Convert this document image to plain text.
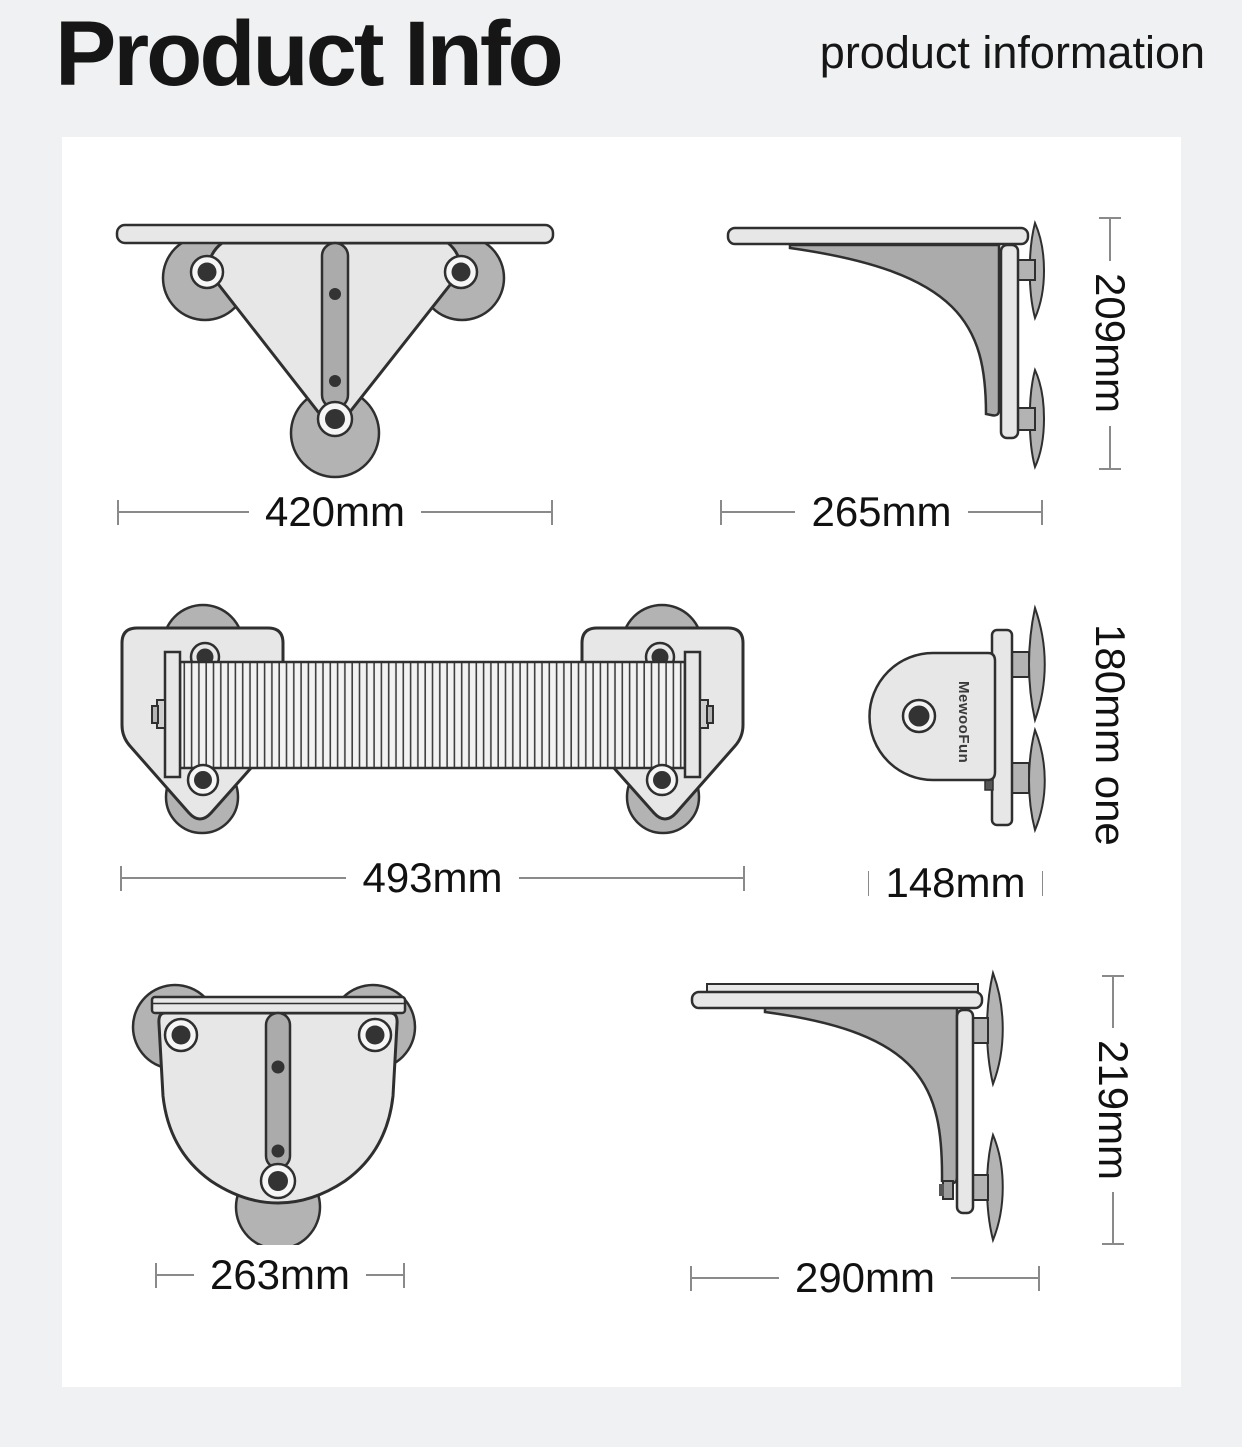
Product Info	product information
MewooFun
420mm	265mm
209mm
493mm	148mm
180mm one
263mm	290mm
219mm
